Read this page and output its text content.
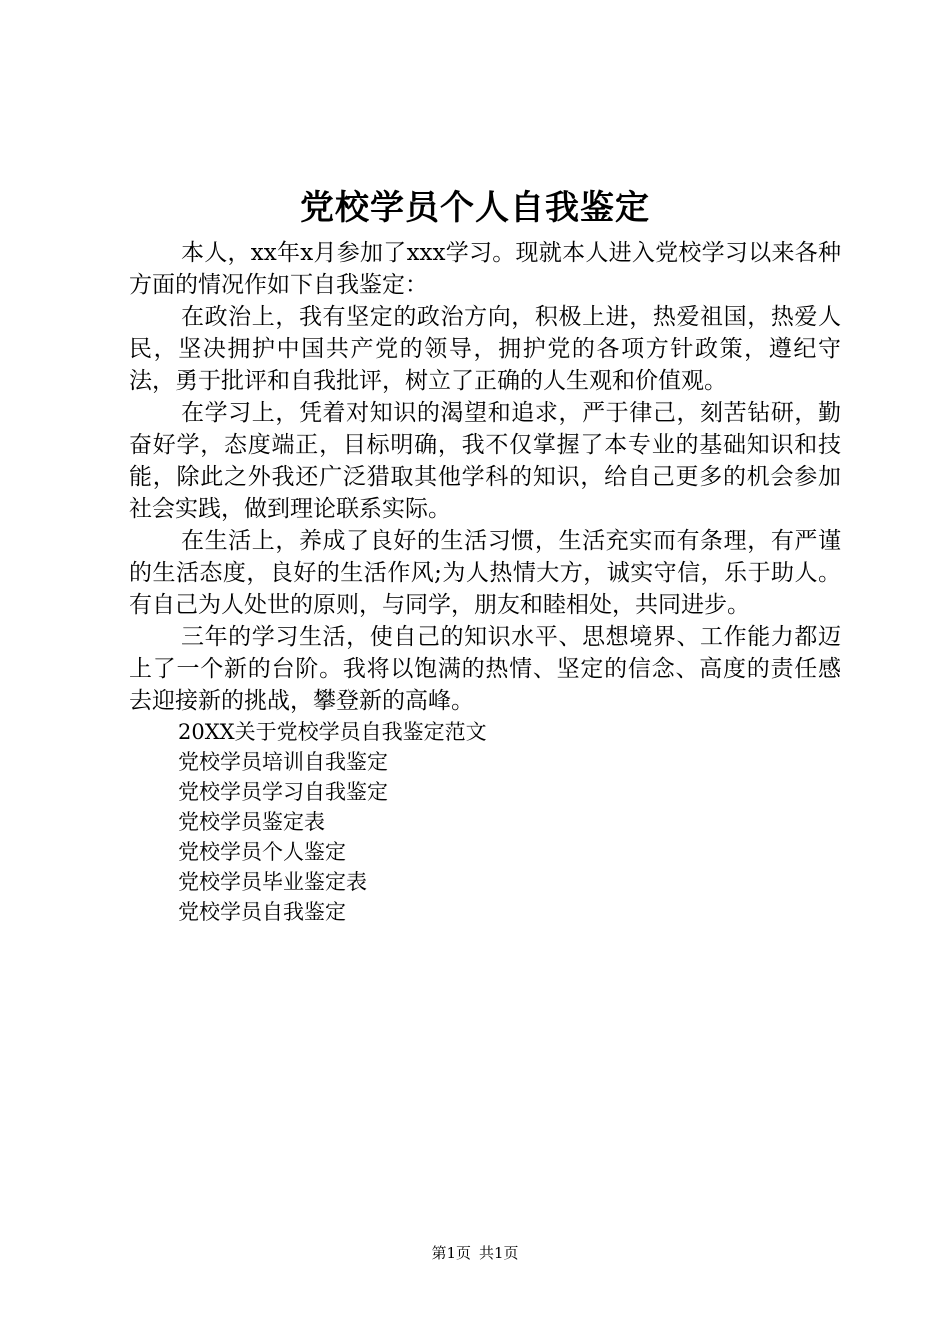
党校学员个人自我鉴定

本人，xx年x月参加了xxx学习。现就本人进入党校学习以来各种方面的情况作如下自我鉴定：

在政治上，我有坚定的政治方向，积极上进，热爱祖国，热爱人民，坚决拥护中国共产党的领导，拥护党的各项方针政策，遵纪守法，勇于批评和自我批评，树立了正确的人生观和价值观。

在学习上，凭着对知识的渴望和追求，严于律己，刻苦钻研，勤奋好学，态度端正，目标明确，我不仅掌握了本专业的基础知识和技能，除此之外我还广泛猎取其他学科的知识，给自己更多的机会参加社会实践，做到理论联系实际。

在生活上，养成了良好的生活习惯，生活充实而有条理，有严谨的生活态度，良好的生活作风;为人热情大方，诚实守信，乐于助人。有自己为人处世的原则，与同学，朋友和睦相处，共同进步。

三年的学习生活，使自己的知识水平、思想境界、工作能力都迈上了一个新的台阶。我将以饱满的热情、坚定的信念、高度的责任感去迎接新的挑战，攀登新的高峰。

20XX关于党校学员自我鉴定范文
党校学员培训自我鉴定
党校学员学习自我鉴定
党校学员鉴定表
党校学员个人鉴定
党校学员毕业鉴定表
党校学员自我鉴定
第1页 共1页
